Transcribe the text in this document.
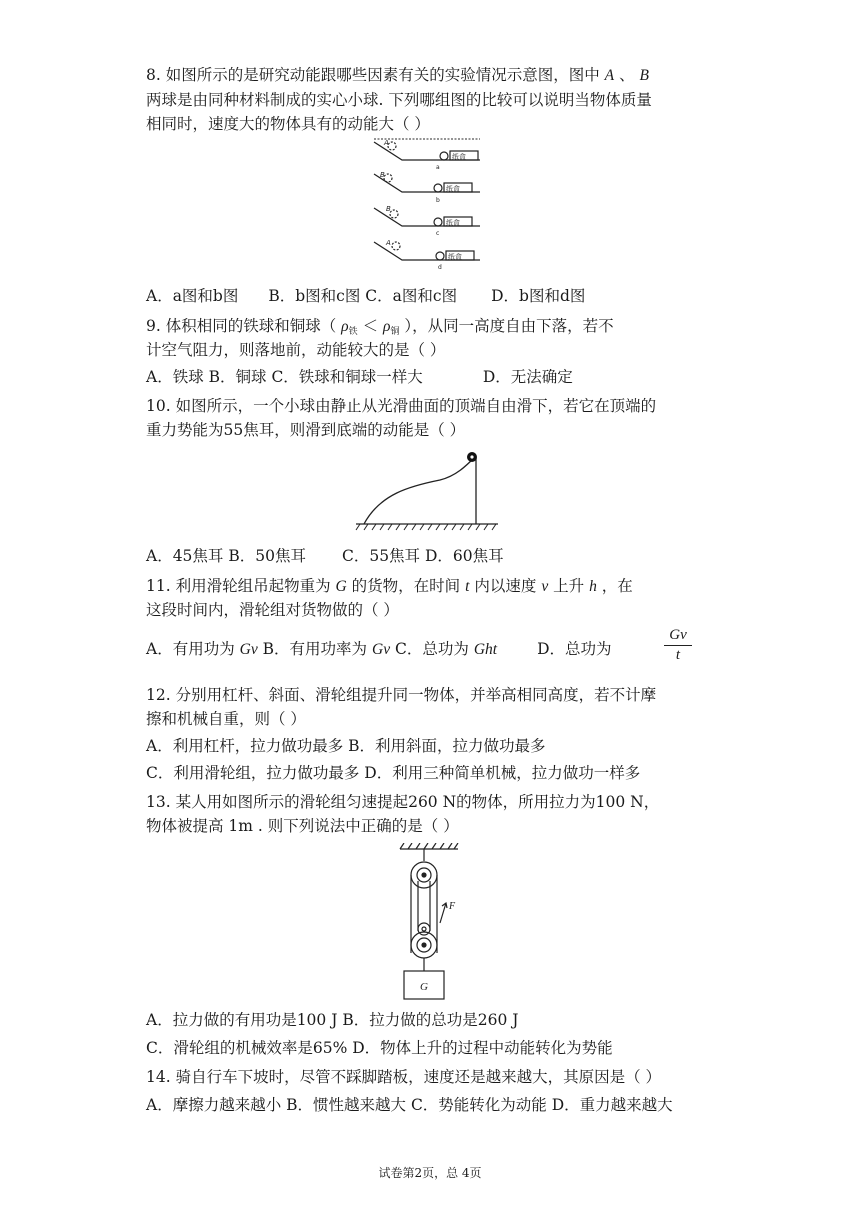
8. 如图所示的是研究动能跟哪些因素有关的实验情况示意图，图中 A 、 B
两球是由同种材料制成的实心小球. 下列哪组图的比较可以说明当物体质量
相同时，速度大的物体具有的动能大（ ）
A
B
B
A
纸盒
纸盒
纸盒
纸盒
a
b
c
d
A．a图和b图 B．b图和c图 C．a图和c图 D．b图和d图
9. 体积相同的铁球和铜球（ $\rho_铁 < \rho_铜$ ），从同一高度自由下落，若不
计空气阻力，则落地前，动能较大的是（ ）
A．铁球 B．铜球 C．铁球和铜球一样大	D．无法确定
10. 如图所示，一个小球由静止从光滑曲面的顶端自由滑下，若它在顶端的
重力势能为55焦耳，则滑到底端的动能是（ ）
A．45焦耳 B．50焦耳 C．55焦耳 D．60焦耳
11. 利用滑轮组吊起物重为 G 的货物，在时间 t 内以速度 v 上升 h ，在
这段时间内，滑轮组对货物做的（ ）
A．有用功为 Gv B．有用功率为 Gv C．总功为 Ght	D．总功为	$\frac{Gv}{t}$
12. 分别用杠杆、斜面、滑轮组提升同一物体，并举高相同高度，若不计摩
擦和机械自重，则（ ）
A．利用杠杆，拉力做功最多 B．利用斜面，拉力做功最多
C．利用滑轮组，拉力做功最多 D．利用三种简单机械，拉力做功一样多
13. 某人用如图所示的滑轮组匀速提起260 N的物体，所用拉力为100 N，
物体被提高 1m . 则下列说法中正确的是（ ）
F
G
A．拉力做的有用功是100 J B．拉力做的总功是260 J
C．滑轮组的机械效率是65% D．物体上升的过程中动能转化为势能
14. 骑自行车下坡时，尽管不踩脚踏板，速度还是越来越大，其原因是（ ）
A．摩擦力越来越小 B．惯性越来越大 C．势能转化为动能 D．重力越来越大
试卷第2页，总 4页
